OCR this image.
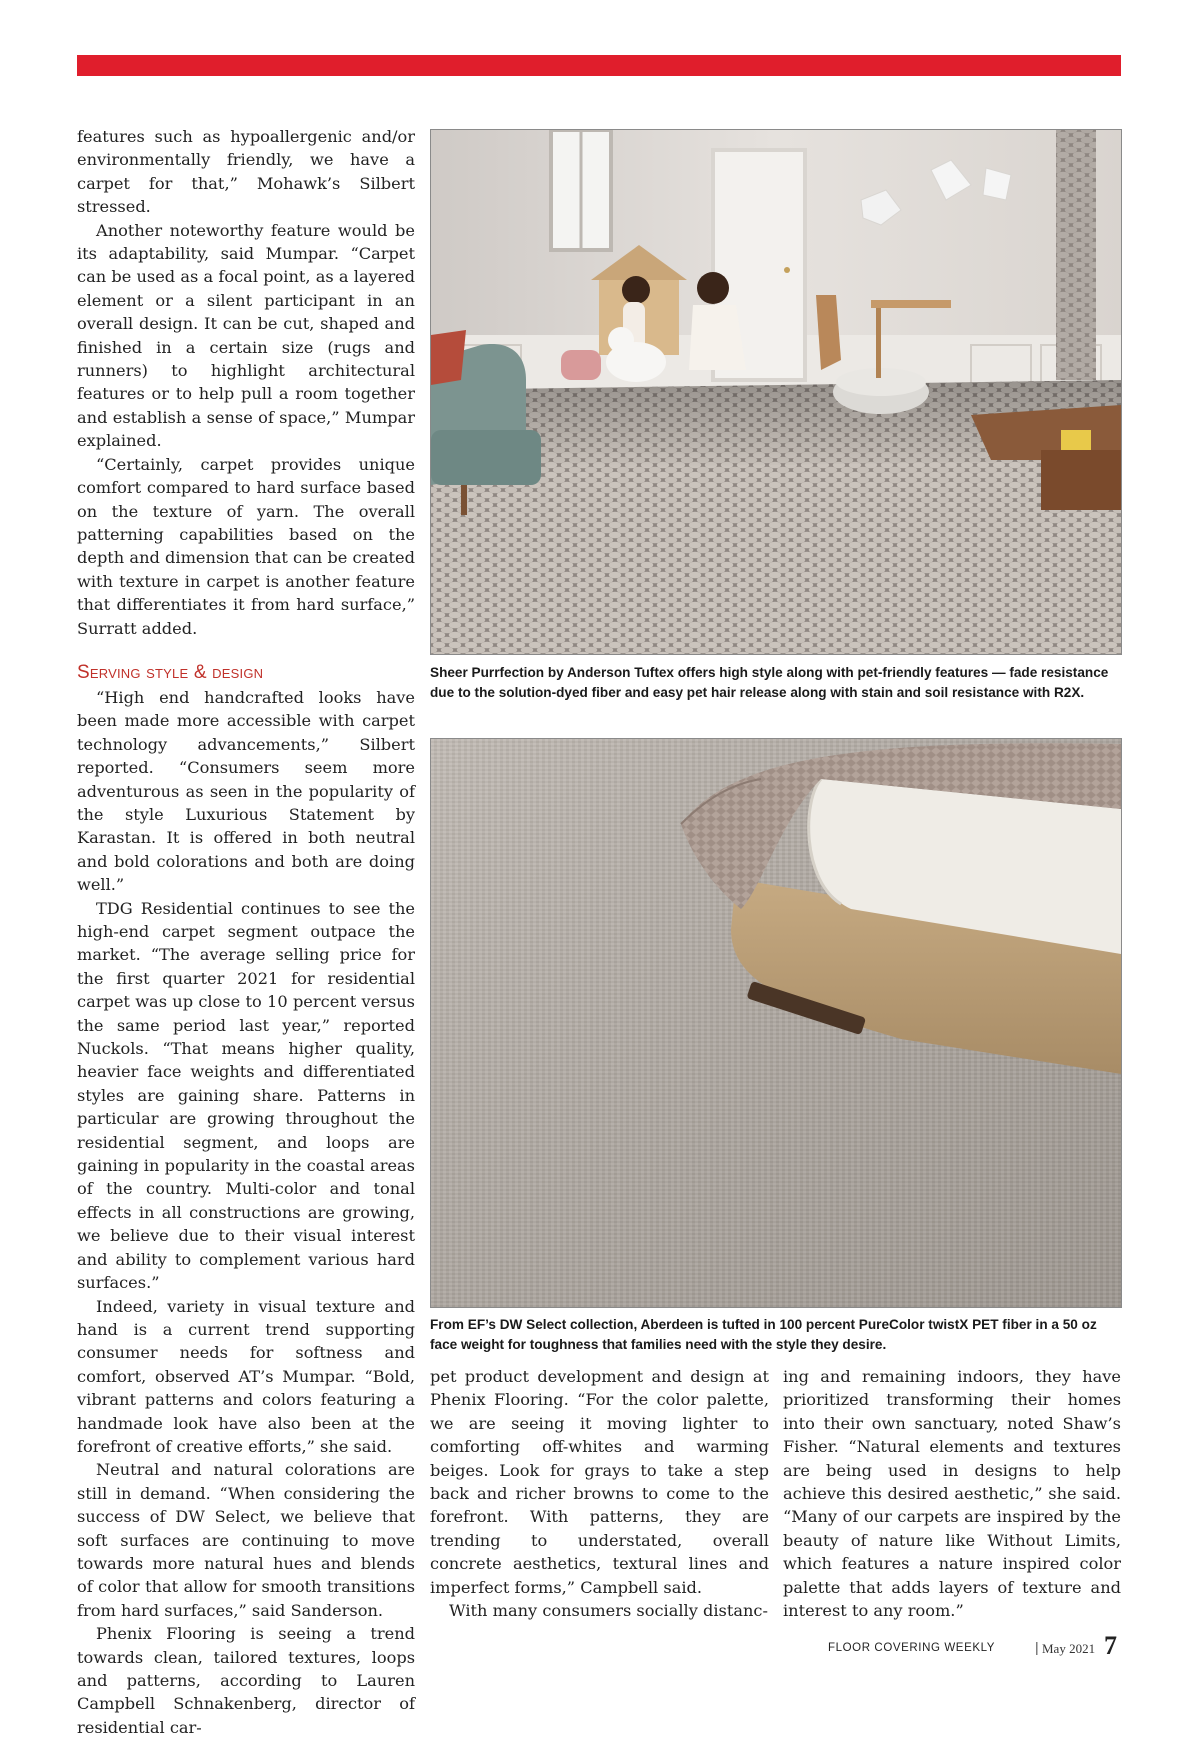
features such as hypoallergenic and/or environmentally friendly, we have a carpet for that,” Mohawk’s Silbert stressed.

Another noteworthy feature would be its adaptability, said Mumpar. “Carpet can be used as a focal point, as a layered element or a silent participant in an overall design. It can be cut, shaped and finished in a certain size (rugs and runners) to highlight architectural features or to help pull a room together and establish a sense of space,” Mumpar explained.

“Certainly, carpet provides unique comfort compared to hard surface based on the texture of yarn. The overall patterning capabilities based on the depth and dimension that can be created with texture in carpet is another feature that differentiates it from hard surface,” Surratt added.

Serving style & design

“High end handcrafted looks have been made more accessible with carpet technology advancements,” Silbert reported. “Consumers seem more adventurous as seen in the popularity of the style Luxurious Statement by Karastan. It is offered in both neutral and bold colorations and both are doing well.”

TDG Residential continues to see the high-end carpet segment outpace the market. “The average selling price for the first quarter 2021 for residential carpet was up close to 10 percent versus the same period last year,” reported Nuckols. “That means higher quality, heavier face weights and differentiated styles are gaining share. Patterns in particular are growing throughout the residential segment, and loops are gaining in popularity in the coastal areas of the country. Multi-color and tonal effects in all constructions are growing, we believe due to their visual interest and ability to complement various hard surfaces.”

Indeed, variety in visual texture and hand is a current trend supporting consumer needs for softness and comfort, observed AT’s Mumpar. “Bold, vibrant patterns and colors featuring a handmade look have also been at the forefront of creative efforts,” she said.

Neutral and natural colorations are still in demand. “When considering the success of DW Select, we believe that soft surfaces are continuing to move towards more natural hues and blends of color that allow for smooth transitions from hard surfaces,” said Sanderson.

Phenix Flooring is seeing a trend towards clean, tailored textures, loops and patterns, according to Lauren Campbell Schnakenberg, director of residential car-

Sheer Purrfection by Anderson Tuftex offers high style along with pet-friendly features — fade resistance due to the solution-dyed fiber and easy pet hair release along with stain and soil resistance with R2X.
From EF’s DW Select collection, Aberdeen is tufted in 100 percent PureColor twistX PET fiber in a 50 oz face weight for toughness that families need with the style they desire.

pet product development and design at Phenix Flooring. “For the color palette, we are seeing it moving lighter to comforting off-whites and warming beiges. Look for grays to take a step back and richer browns to come to the forefront. With patterns, they are trending to understated, overall concrete aesthetics, textural lines and imperfect forms,” Campbell said.

With many consumers socially distanc-

ing and remaining indoors, they have prioritized transforming their homes into their own sanctuary, noted Shaw’s Fisher. “Natural elements and textures are being used in designs to help achieve this desired aesthetic,” she said. “Many of our carpets are inspired by the beauty of nature like Without Limits, which features a nature inspired color palette that adds layers of texture and interest to any room.”

FLOOR COVERING WEEKLY	| May 2021 7
